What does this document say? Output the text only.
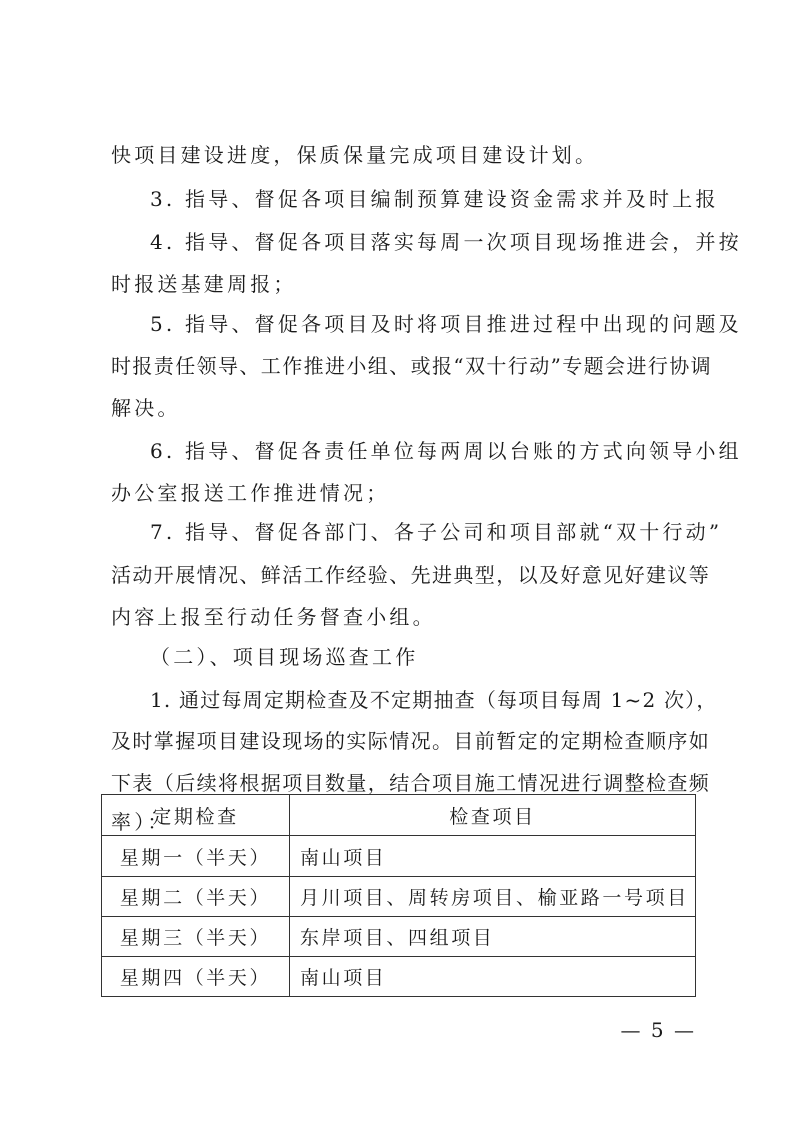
快项目建设进度，保质保量完成项目建设计划。
3. 指导、督促各项目编制预算建设资金需求并及时上报
4. 指导、督促各项目落实每周一次项目现场推进会，并按
时报送基建周报；
5. 指导、督促各项目及时将项目推进过程中出现的问题及
时报责任领导、工作推进小组、或报“双十行动”专题会进行协调
解决。
6. 指导、督促各责任单位每两周以台账的方式向领导小组
办公室报送工作推进情况；
7. 指导、督促各部门、各子公司和项目部就“双十行动”
活动开展情况、鲜活工作经验、先进典型，以及好意见好建议等
内容上报至行动任务督查小组。
（二）、项目现场巡查工作
1. 通过每周定期检查及不定期抽查（每项目每周 1~2 次），
及时掌握项目建设现场的实际情况。目前暂定的定期检查顺序如
下表（后续将根据项目数量，结合项目施工情况进行调整检查频
率）：
定期检查	检查项目
星期一（半天）	南山项目
星期二（半天）	月川项目、周转房项目、榆亚路一号项目
星期三（半天）	东岸项目、四组项目
星期四（半天）	南山项目
— 5 —
